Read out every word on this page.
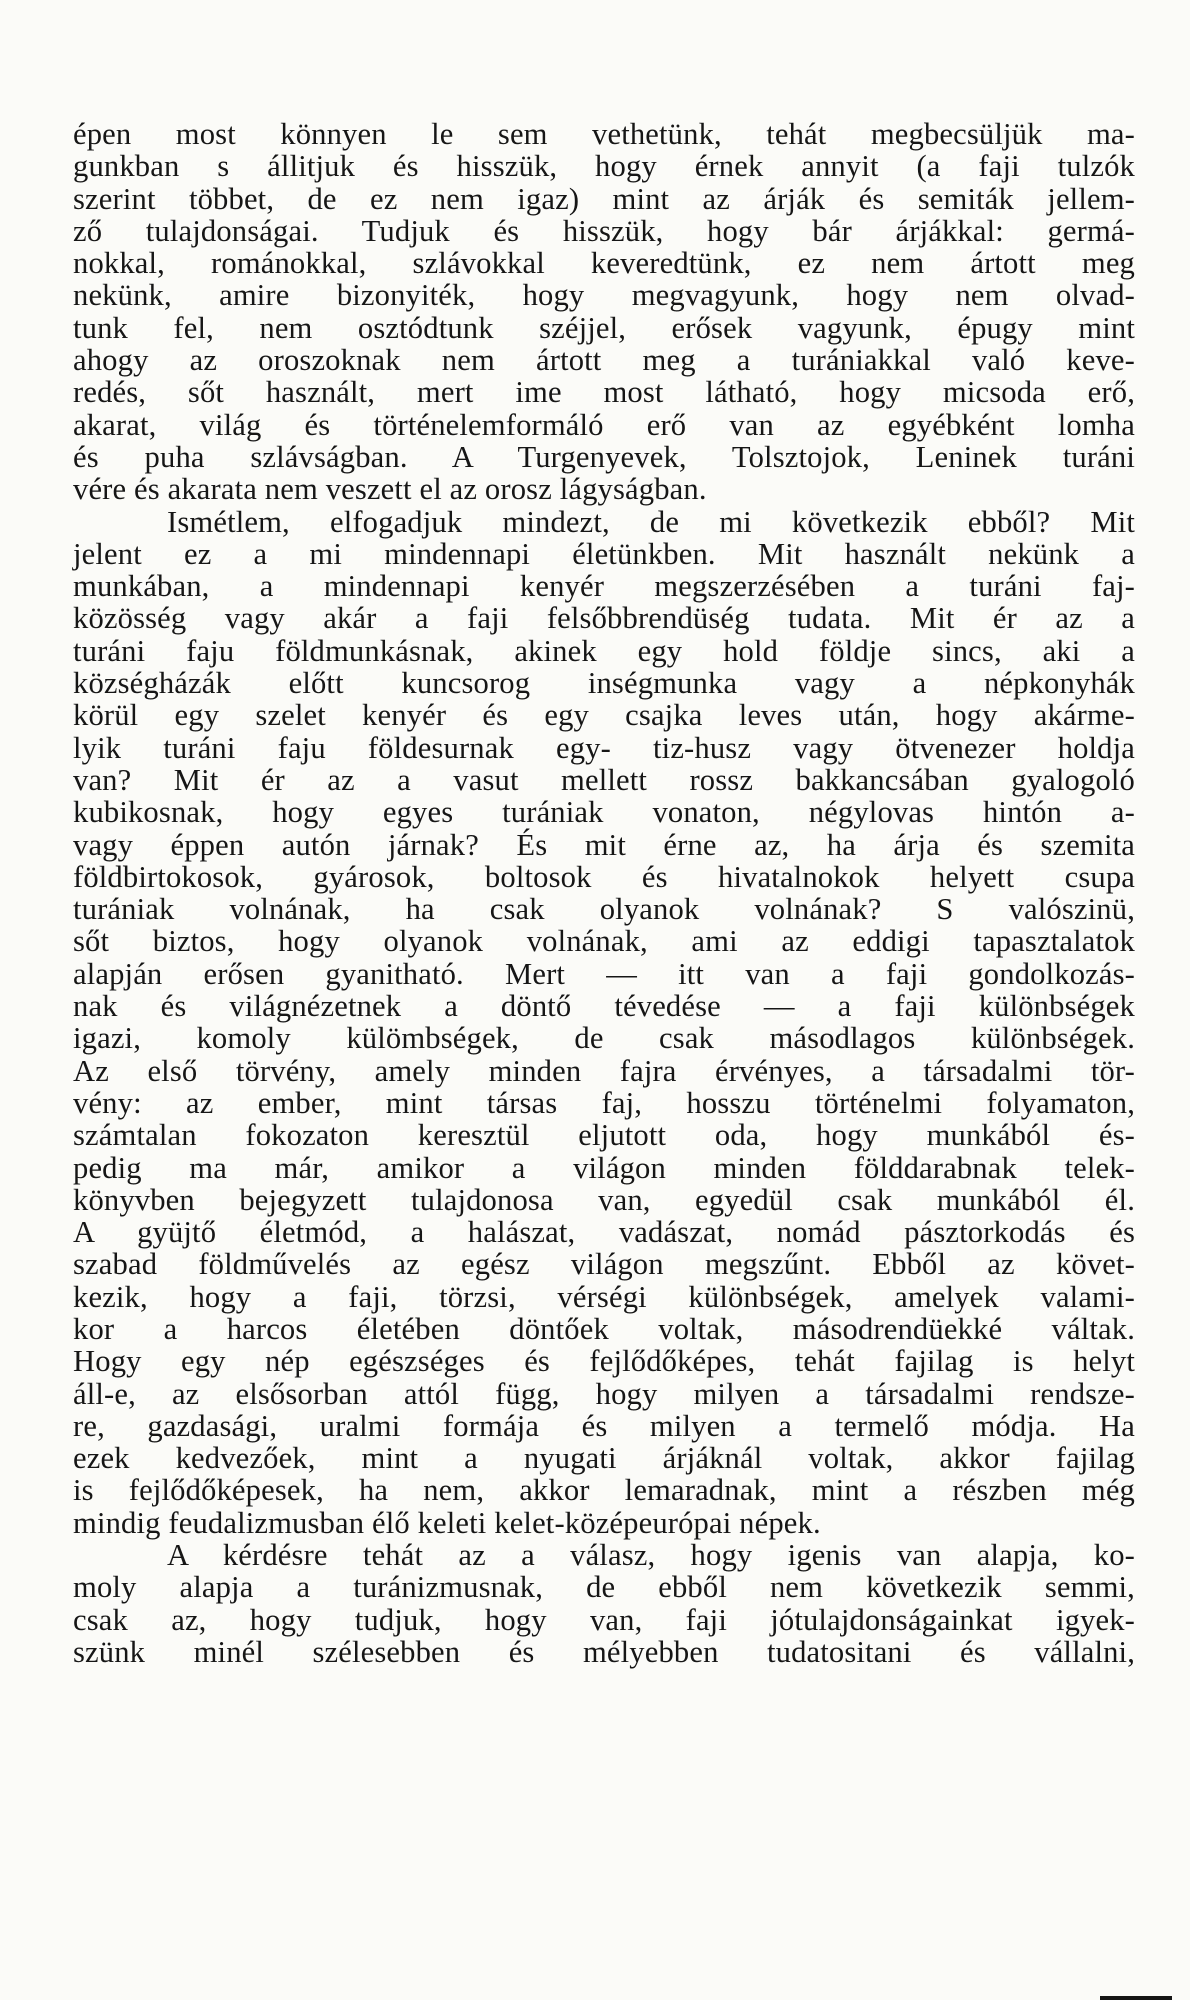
épen most könnyen le sem vethetünk, tehát megbecsüljük ma-
gunkban s állitjuk és hisszük, hogy érnek annyit (a faji tulzók
szerint többet, de ez nem igaz) mint az árják és semiták jellem-
ző tulajdonságai. Tudjuk és hisszük, hogy bár árjákkal: germá-
nokkal, románokkal, szlávokkal keveredtünk, ez nem ártott meg
nekünk, amire bizonyiték, hogy megvagyunk, hogy nem olvad-
tunk fel, nem osztódtunk széjjel, erősek vagyunk, épugy mint
ahogy az oroszoknak nem ártott meg a turániakkal való keve-
redés, sőt használt, mert ime most látható, hogy micsoda erő,
akarat, világ és történelemformáló erő van az egyébként lomha
és puha szlávságban. A Turgenyevek, Tolsztojok, Leninek turáni
vére és akarata nem veszett el az orosz lágyságban.
Ismétlem, elfogadjuk mindezt, de mi következik ebből? Mit
jelent ez a mi mindennapi életünkben. Mit használt nekünk a
munkában, a mindennapi kenyér megszerzésében a turáni faj-
közösség vagy akár a faji felsőbbrendüség tudata. Mit ér az a
turáni faju földmunkásnak, akinek egy hold földje sincs, aki a
községházák előtt kuncsorog inségmunka vagy a népkonyhák
körül egy szelet kenyér és egy csajka leves után, hogy akárme-
lyik turáni faju földesurnak egy- tiz-husz vagy ötvenezer holdja
van? Mit ér az a vasut mellett rossz bakkancsában gyalogoló
kubikosnak, hogy egyes turániak vonaton, négylovas hintón a-
vagy éppen autón járnak? És mit érne az, ha árja és szemita
földbirtokosok, gyárosok, boltosok és hivatalnokok helyett csupa
turániak volnának, ha csak olyanok volnának? S valószinü,
sőt biztos, hogy olyanok volnának, ami az eddigi tapasztalatok
alapján erősen gyanitható. Mert — itt van a faji gondolkozás-
nak és világnézetnek a döntő tévedése — a faji különbségek
igazi, komoly külömbségek, de csak másodlagos különbségek.
Az első törvény, amely minden fajra érvényes, a társadalmi tör-
vény: az ember, mint társas faj, hosszu történelmi folyamaton,
számtalan fokozaton keresztül eljutott oda, hogy munkából és-
pedig ma már, amikor a világon minden földdarabnak telek-
könyvben bejegyzett tulajdonosa van, egyedül csak munkából él.
A gyüjtő életmód, a halászat, vadászat, nomád pásztorkodás és
szabad földművelés az egész világon megszűnt. Ebből az követ-
kezik, hogy a faji, törzsi, vérségi különbségek, amelyek valami-
kor a harcos életében döntőek voltak, másodrendüekké váltak.
Hogy egy nép egészséges és fejlődőképes, tehát fajilag is helyt
áll-e, az elsősorban attól függ, hogy milyen a társadalmi rendsze-
re, gazdasági, uralmi formája és milyen a termelő módja. Ha
ezek kedvezőek, mint a nyugati árjáknál voltak, akkor fajilag
is fejlődőképesek, ha nem, akkor lemaradnak, mint a részben még
mindig feudalizmusban élő keleti kelet-középeurópai népek.
A kérdésre tehát az a válasz, hogy igenis van alapja, ko-
moly alapja a turánizmusnak, de ebből nem következik semmi,
csak az, hogy tudjuk, hogy van, faji jótulajdonságainkat igyek-
szünk minél szélesebben és mélyebben tudatositani és vállalni,
